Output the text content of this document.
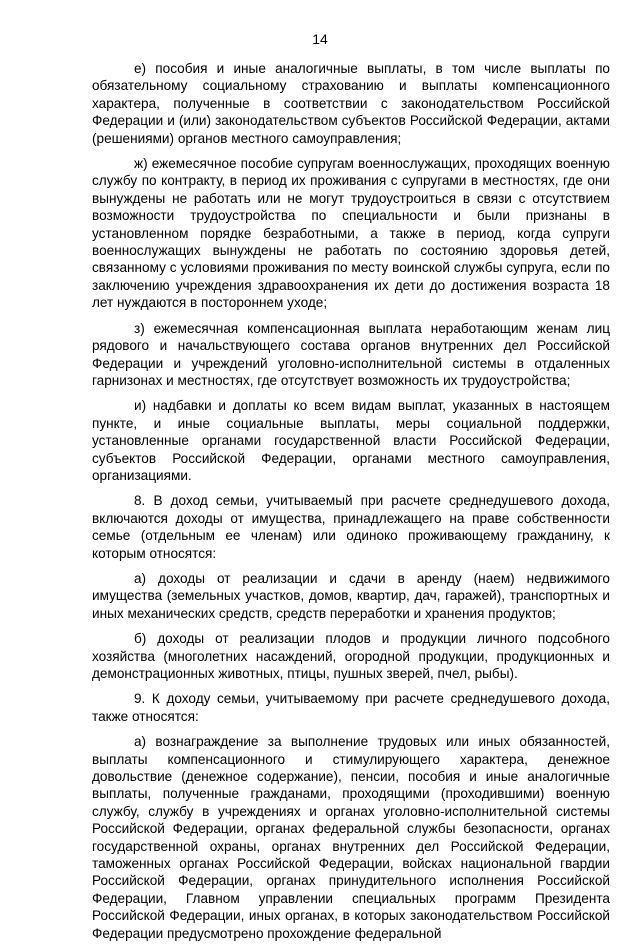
14

е) пособия и иные аналогичные выплаты, в том числе выплаты по обязательному социальному страхованию и выплаты компенсационного характера, полученные в соответствии с законодательством Российской Федерации и (или) законодательством субъектов Российской Федерации, актами (решениями) органов местного самоуправления;

ж) ежемесячное пособие супругам военнослужащих, проходящих военную службу по контракту, в период их проживания с супругами в местностях, где они вынуждены не работать или не могут трудоустроиться в связи с отсутствием возможности трудоустройства по специальности и были признаны в установленном порядке безработными, а также в период, когда супруги военнослужащих вынуждены не работать по состоянию здоровья детей, связанному с условиями проживания по месту воинской службы супруга, если по заключению учреждения здравоохранения их дети до достижения возраста 18 лет нуждаются в постороннем уходе;

з) ежемесячная компенсационная выплата неработающим женам лиц рядового и начальствующего состава органов внутренних дел Российской Федерации и учреждений уголовно-исполнительной системы в отдаленных гарнизонах и местностях, где отсутствует возможность их трудоустройства;

и) надбавки и доплаты ко всем видам выплат, указанных в настоящем пункте, и иные социальные выплаты, меры социальной поддержки, установленные органами государственной власти Российской Федерации, субъектов Российской Федерации, органами местного самоуправления, организациями.

8. В доход семьи, учитываемый при расчете среднедушевого дохода, включаются доходы от имущества, принадлежащего на праве собственности семье (отдельным ее членам) или одиноко проживающему гражданину, к которым относятся:

а) доходы от реализации и сдачи в аренду (наем) недвижимого имущества (земельных участков, домов, квартир, дач, гаражей), транспортных и иных механических средств, средств переработки и хранения продуктов;

б) доходы от реализации плодов и продукции личного подсобного хозяйства (многолетних насаждений, огородной продукции, продукционных и демонстрационных животных, птицы, пушных зверей, пчел, рыбы).

9. К доходу семьи, учитываемому при расчете среднедушевого дохода, также относятся:

а) вознаграждение за выполнение трудовых или иных обязанностей, выплаты компенсационного и стимулирующего характера, денежное довольствие (денежное содержание), пенсии, пособия и иные аналогичные выплаты, полученные гражданами, проходящими (проходившими) военную службу, службу в учреждениях и органах уголовно-исполнительной системы Российской Федерации, органах федеральной службы безопасности, органах государственной охраны, органах внутренних дел Российской Федерации, таможенных органах Российской Федерации, войсках национальной гвардии Российской Федерации, органах принудительного исполнения Российской Федерации, Главном управлении специальных программ Президента Российской Федерации, иных органах, в которых законодательством Российской Федерации предусмотрено прохождение федеральной
